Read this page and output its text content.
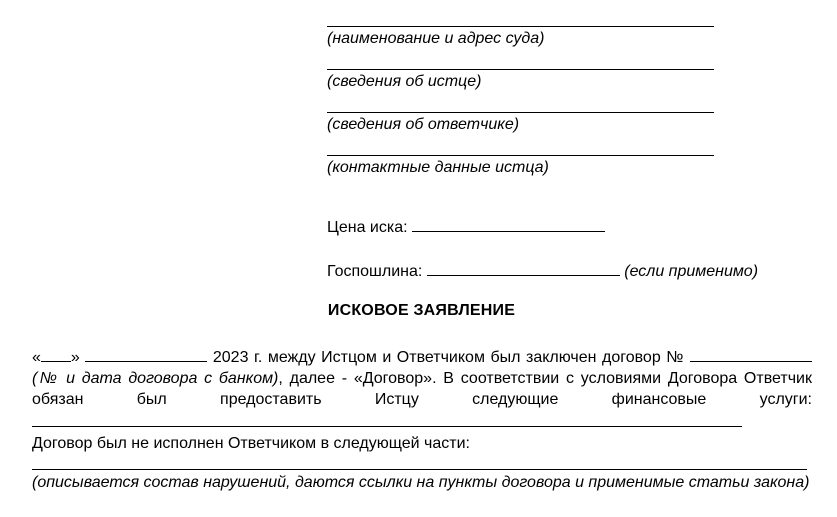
(наименование и адрес суда)
(сведения об истце)
(сведения об ответчике)
(контактные данные истца)
Цена иска:
Госпошлина:	(если применимо)
ИСКОВОЕ ЗАЯВЛЕНИЕ

« »	2023 г. между Истцом и Ответчиком был заключен договор №  (№ и дата договора с банком), далее - «Договор». В соответствии с условиями Договора Ответчик обязан был предоставить Истцу следующие финансовые услуги:

Договор был не исполнен Ответчиком в следующей части:

(описывается состав нарушений, даются ссылки на пункты договора и применимые статьи закона)
